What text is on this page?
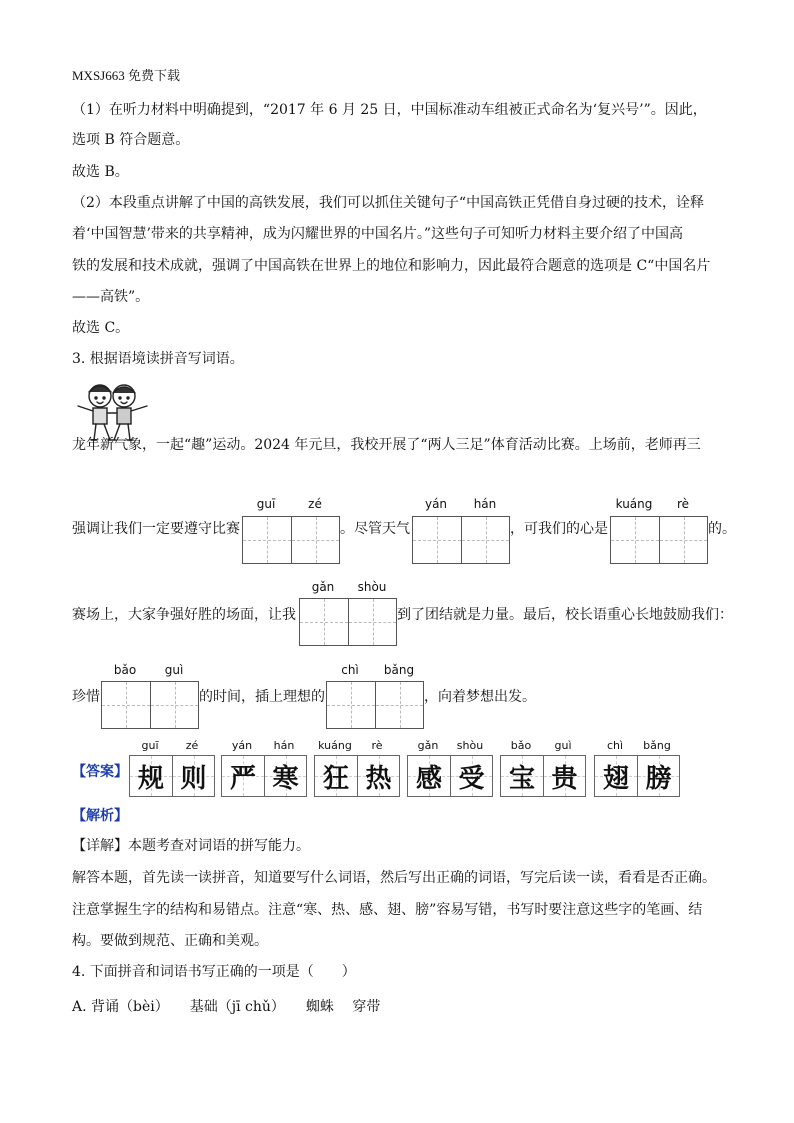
MXSJ663 免费下载
（1）在听力材料中明确提到，“2017 年 6 月 25 日，中国标准动车组被正式命名为‘复兴号’”。因此，
选项 B 符合题意。
故选 B。
（2）本段重点讲解了中国的高铁发展，我们可以抓住关键句子“中国高铁正凭借自身过硬的技术，诠释
着‘中国智慧’带来的共享精神，成为闪耀世界的中国名片。”这些句子可知听力材料主要介绍了中国高
铁的发展和技术成就，强调了中国高铁在世界上的地位和影响力，因此最符合题意的选项是 C“中国名片
——高铁”。
故选 C。
3. 根据语境读拼音写词语。
龙年新气象，一起“趣”运动。2024 年元旦，我校开展了“两人三足”体育活动比赛。上场前，老师再三
强调让我们一定要遵守比赛
guī	zé
。尽管天气
yán	hán
，可我们的心是
kuáng	rè
的。
赛场上，大家争强好胜的场面，让我
gǎn	shòu
到了团结就是力量。最后，校长语重心长地鼓励我们：
珍惜
bǎo	guì
的时间，插上理想的
chì	bǎng
，向着梦想出发。
【答案】
guī	zé
规 则
yán	hán
严 寒
kuáng	rè
狂 热
gǎn	shòu
感 受
bǎo	guì
宝 贵
chì	bǎng
翅 膀
【解析】
【详解】本题考查对词语的拼写能力。
解答本题，首先读一读拼音，知道要写什么词语，然后写出正确的词语，写完后读一读，看看是否正确。
注意掌握生字的结构和易错点。注意“寒、热、感、翅、膀”容易写错，书写时要注意这些字的笔画、结
构。要做到规范、正确和美观。
4. 下面拼音和词语书写正确的一项是（　　）
A. 背诵（bèi）　　基础（jī chǔ）　　蜘蛛　 穿带
